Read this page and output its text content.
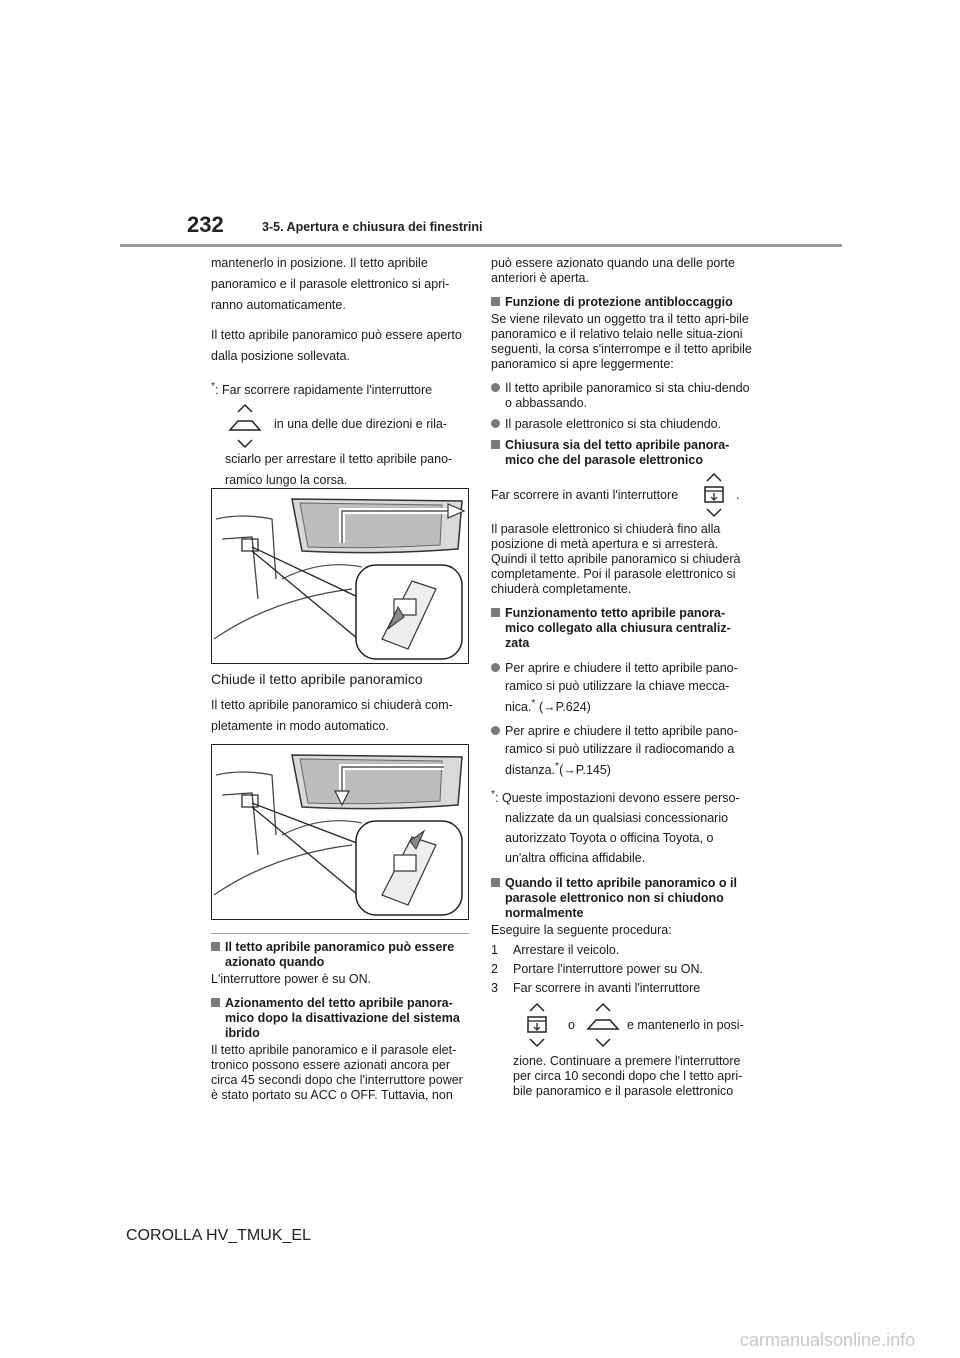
232	3-5. Apertura e chiusura dei finestrini

mantenerlo in posizione. Il tetto apribile panoramico e il parasole elettronico si apri-ranno automaticamente.

Il tetto apribile panoramico può essere aperto dalla posizione sollevata.

*: Far scorrere rapidamente l'interruttore

in una delle due direzioni e rila-

sciarlo per arrestare il tetto apribile pano-ramico lungo la corsa.

Chiude il tetto apribile panoramico

Il tetto apribile panoramico si chiuderà com-pletamente in modo automatico.

Il tetto apribile panoramico può essere azionato quando

L'interruttore power è su ON.

Azionamento del tetto apribile panora-mico dopo la disattivazione del sistema ibrido

Il tetto apribile panoramico e il parasole elet-tronico possono essere azionati ancora per circa 45 secondi dopo che l'interruttore power è stato portato su ACC o OFF. Tuttavia, non

può essere azionato quando una delle porte anteriori è aperta.

Funzione di protezione antibloccaggio

Se viene rilevato un oggetto tra il tetto apri-bile panoramico e il relativo telaio nelle situa-zioni seguenti, la corsa s'interrompe e il tetto apribile panoramico si apre leggermente:

Il tetto apribile panoramico si sta chiu-dendo o abbassando.

Il parasole elettronico si sta chiudendo.

Chiusura sia del tetto apribile panora-mico che del parasole elettronico

Far scorrere in avanti l'interruttore	.

Il parasole elettronico si chiuderà fino alla posizione di metà apertura e si arresterà. Quindi il tetto apribile panoramico si chiuderà completamente. Poi il parasole elettronico si chiuderà completamente.

Funzionamento tetto apribile panora-mico collegato alla chiusura centraliz-zata

Per aprire e chiudere il tetto apribile pano-ramico si può utilizzare la chiave mecca-nica.* (→P.624)

Per aprire e chiudere il tetto apribile pano-ramico si può utilizzare il radiocomando a distanza.*(→P.145)

*: Queste impostazioni devono essere perso-nalizzate da un qualsiasi concessionario autorizzato Toyota o officina Toyota, o un'altra officina affidabile.

Quando il tetto apribile panoramico o il parasole elettronico non si chiudono normalmente

Eseguire la seguente procedura:

1 Arrestare il veicolo.

2 Portare l'interruttore power su ON.

3 Far scorrere in avanti l'interruttore

o	e mantenerlo in posi-

zione. Continuare a premere l'interruttore per circa 10 secondi dopo che l tetto apri-bile panoramico e il parasole elettronico

COROLLA HV_TMUK_EL
carmanualsonline.info
